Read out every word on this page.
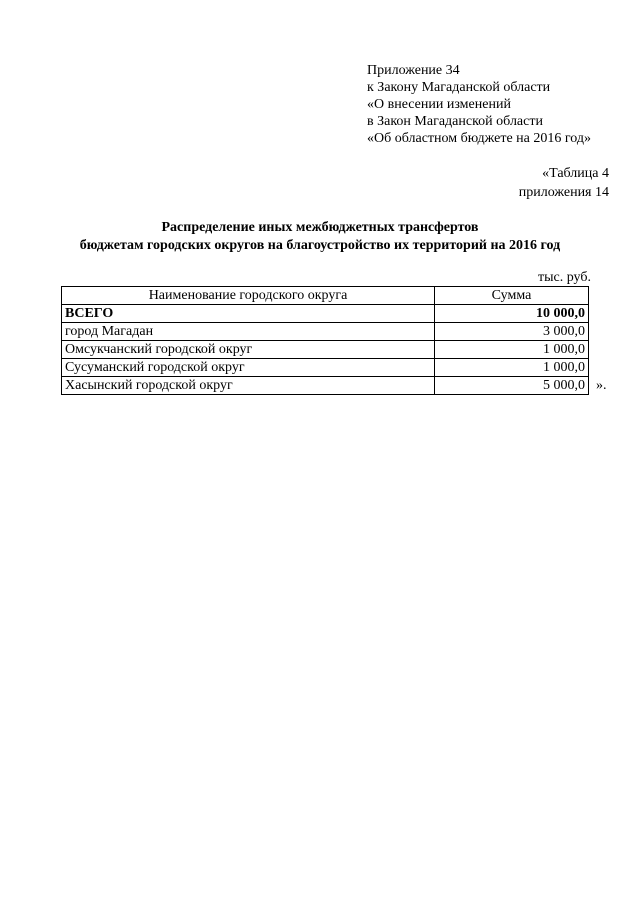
Приложение 34
к Закону Магаданской области
«О внесении изменений
в Закон Магаданской области
«Об областном бюджете на 2016 год»
«Таблица 4
приложения 14
Распределение иных межбюджетных трансфертов
бюджетам городских округов на благоустройство их территорий на 2016 год
тыс. руб.
Наименование городского округа	Сумма
ВСЕГО	10 000,0
город Магадан	3 000,0
Омсукчанский городской округ	1 000,0
Сусуманский городской округ	1 000,0
Хасынский городской округ	5 000,0 ».
